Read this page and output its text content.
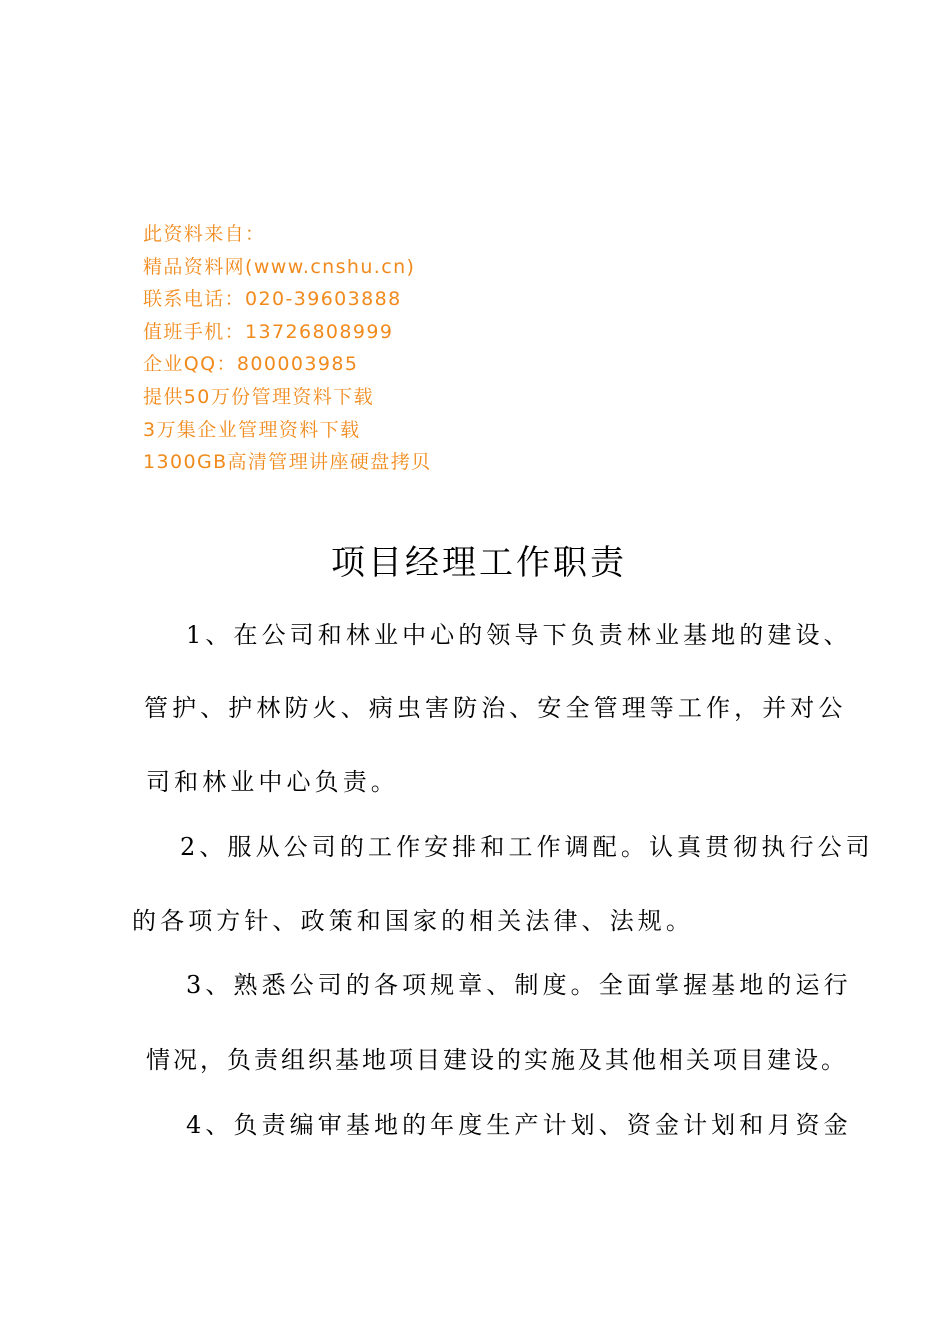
此资料来自：
精品资料网(www.cnshu.cn)
联系电话：020-39603888
值班手机：13726808999
企业QQ：800003985
提供50万份管理资料下载
3万集企业管理资料下载
1300GB高清管理讲座硬盘拷贝
项目经理工作职责
1、在公司和林业中心的领导下负责林业基地的建设、
管护、护林防火、病虫害防治、安全管理等工作，并对公
司和林业中心负责。
2、服从公司的工作安排和工作调配。认真贯彻执行公司
的各项方针、政策和国家的相关法律、法规。
3、熟悉公司的各项规章、制度。全面掌握基地的运行
情况，负责组织基地项目建设的实施及其他相关项目建设。
4、负责编审基地的年度生产计划、资金计划和月资金
